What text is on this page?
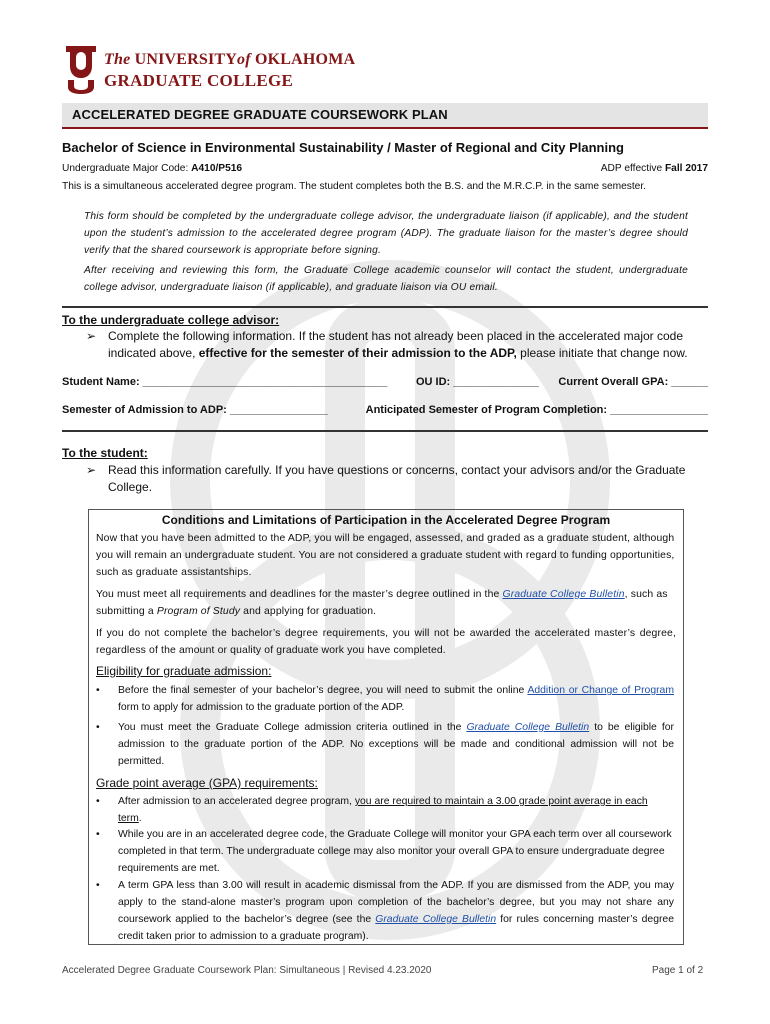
The UNIVERSITYof OKLAHOMA
GRADUATE COLLEGE
ACCELERATED DEGREE GRADUATE COURSEWORK PLAN
Bachelor of Science in Environmental Sustainability / Master of Regional and City Planning
Undergraduate Major Code: A410/P516	ADP effective Fall 2017
This is a simultaneous accelerated degree program. The student completes both the B.S. and the M.R.C.P. in the same semester.
This form should be completed by the undergraduate college advisor, the undergraduate liaison (if applicable), and the student upon the student’s admission to the accelerated degree program (ADP). The graduate liaison for the master’s degree should verify that the shared coursework is appropriate before signing.
After receiving and reviewing this form, the Graduate College academic counselor will contact the student, undergraduate college advisor, undergraduate liaison (if applicable), and graduate liaison via OU email.
To the undergraduate college advisor:
➢ Complete the following information. If the student has not already been placed in the accelerated major code indicated above, effective for the semester of their admission to the ADP, please initiate that change now.
Student Name: ________________________________________	OU ID: ______________ Current Overall GPA: ______
Semester of Admission to ADP: ________________	Anticipated Semester of Program Completion: ________________
To the student:
➢ Read this information carefully. If you have questions or concerns, contact your advisors and/or the Graduate College.
Conditions and Limitations of Participation in the Accelerated Degree Program
Now that you have been admitted to the ADP, you will be engaged, assessed, and graded as a graduate student, although you will remain an undergraduate student. You are not considered a graduate student with regard to funding opportunities, such as graduate assistantships.
You must meet all requirements and deadlines for the master’s degree outlined in the Graduate College Bulletin, such as submitting a Program of Study and applying for graduation.
If you do not complete the bachelor’s degree requirements, you will not be awarded the accelerated master’s degree, regardless of the amount or quality of graduate work you have completed.
Eligibility for graduate admission:
• Before the final semester of your bachelor’s degree, you will need to submit the online Addition or Change of Program form to apply for admission to the graduate portion of the ADP.
• You must meet the Graduate College admission criteria outlined in the Graduate College Bulletin to be eligible for admission to the graduate portion of the ADP. No exceptions will be made and conditional admission will not be permitted.
Grade point average (GPA) requirements:
• After admission to an accelerated degree program, you are required to maintain a 3.00 grade point average in each term.
• While you are in an accelerated degree code, the Graduate College will monitor your GPA each term over all coursework completed in that term. The undergraduate college may also monitor your overall GPA to ensure undergraduate degree requirements are met.
• A term GPA less than 3.00 will result in academic dismissal from the ADP. If you are dismissed from the ADP, you may apply to the stand-alone master’s program upon completion of the bachelor’s degree, but you may not share any coursework applied to the bachelor’s degree (see the Graduate College Bulletin for rules concerning master’s degree credit taken prior to admission to a graduate program).
Accelerated Degree Graduate Coursework Plan: Simultaneous | Revised 4.23.2020	Page 1 of 2
